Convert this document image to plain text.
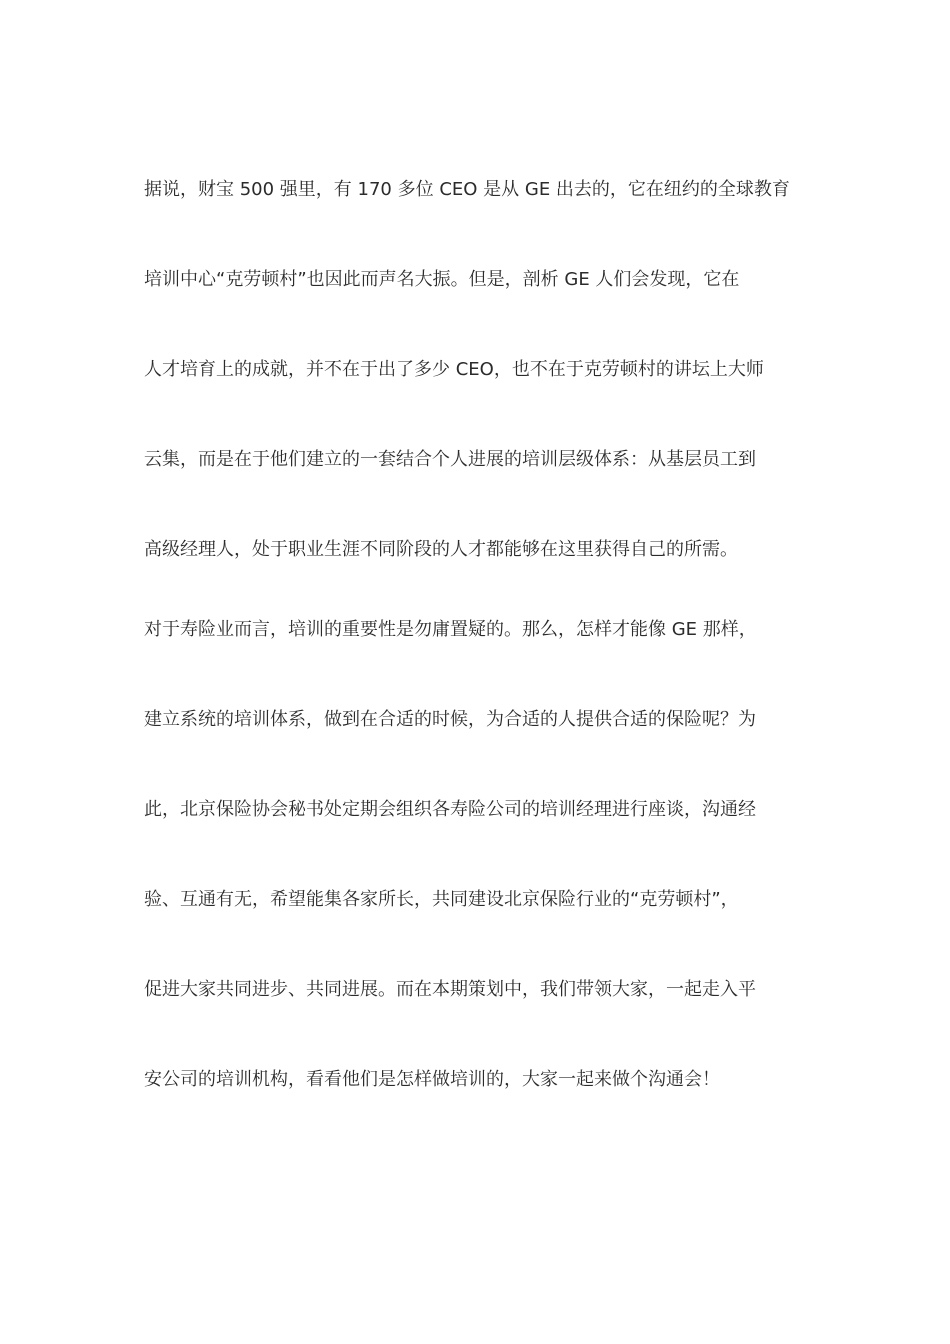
据说，财宝 500 强里，有 170 多位 CEO 是从 GE 出去的，它在纽约的全球教育
培训中心“克劳顿村”也因此而声名大振。但是，剖析 GE 人们会发现，它在
人才培育上的成就，并不在于出了多少 CEO，也不在于克劳顿村的讲坛上大师
云集，而是在于他们建立的一套结合个人进展的培训层级体系：从基层员工到
高级经理人，处于职业生涯不同阶段的人才都能够在这里获得自己的所需。
对于寿险业而言，培训的重要性是勿庸置疑的。那么，怎样才能像 GE 那样，
建立系统的培训体系，做到在合适的时候，为合适的人提供合适的保险呢？为
此，北京保险协会秘书处定期会组织各寿险公司的培训经理进行座谈，沟通经
验、互通有无，希望能集各家所长，共同建设北京保险行业的“克劳顿村”，
促进大家共同进步、共同进展。而在本期策划中，我们带领大家，一起走入平
安公司的培训机构，看看他们是怎样做培训的，大家一起来做个沟通会！
